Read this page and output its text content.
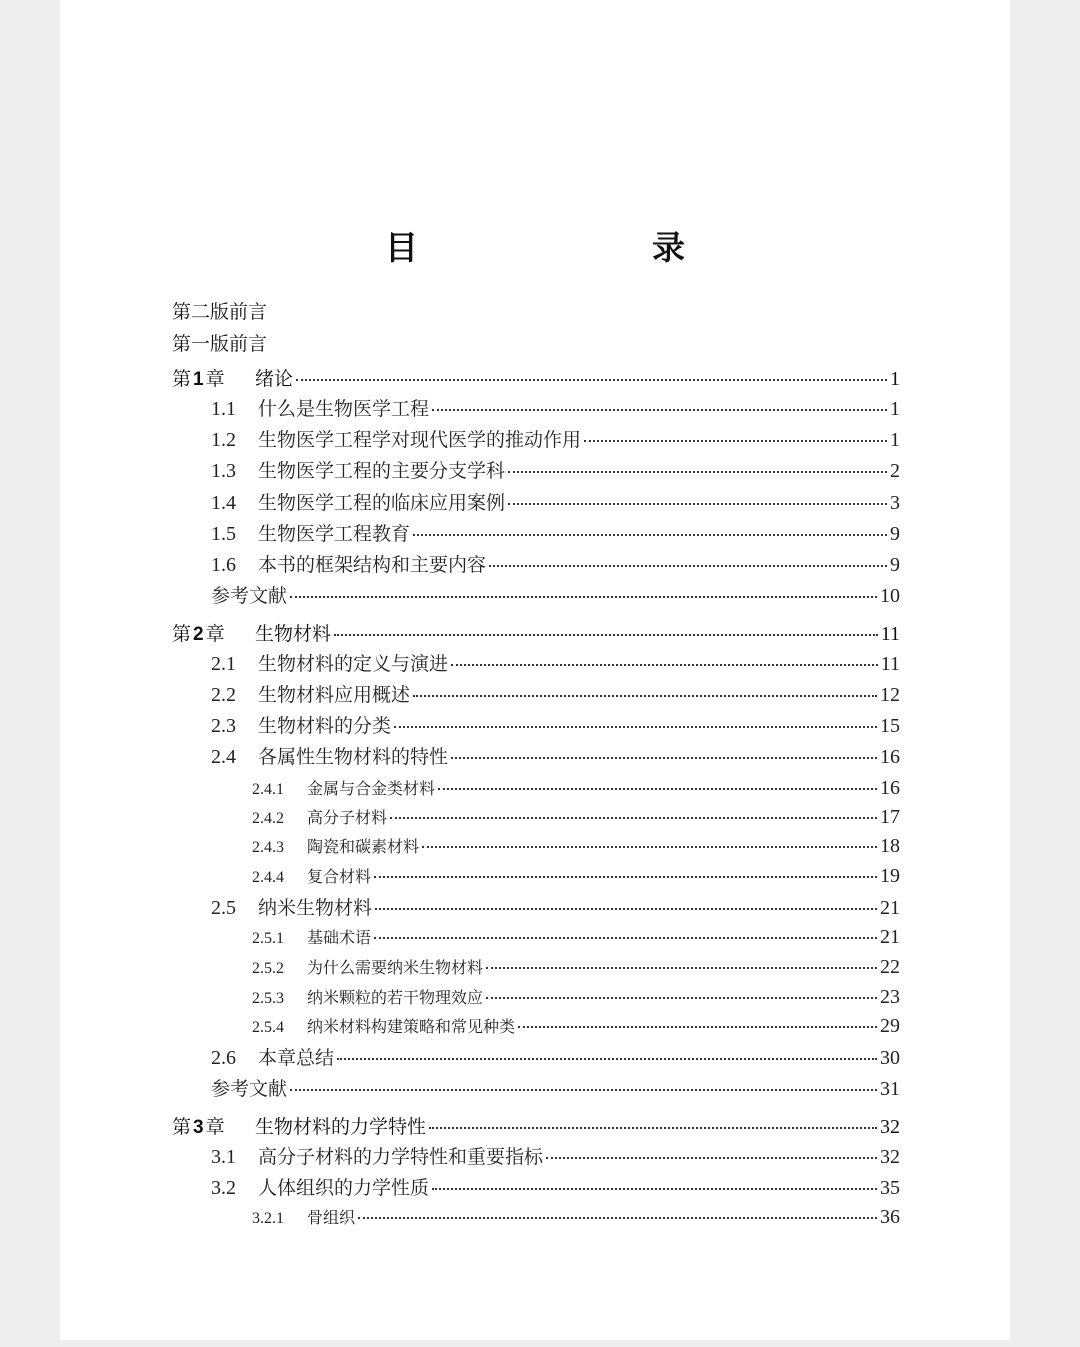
目　　录
第二版前言
第一版前言
第 1 章	绪论	1
1.1	什么是生物医学工程	1
1.2	生物医学工程学对现代医学的推动作用	1
1.3	生物医学工程的主要分支学科	2
1.4	生物医学工程的临床应用案例	3
1.5	生物医学工程教育	9
1.6	本书的框架结构和主要内容	9
参考文献	10
第 2 章	生物材料	11
2.1	生物材料的定义与演进	11
2.2	生物材料应用概述	12
2.3	生物材料的分类	15
2.4	各属性生物材料的特性	16
2.4.1	金属与合金类材料	16
2.4.2	高分子材料	17
2.4.3	陶瓷和碳素材料	18
2.4.4	复合材料	19
2.5	纳米生物材料	21
2.5.1	基础术语	21
2.5.2	为什么需要纳米生物材料	22
2.5.3	纳米颗粒的若干物理效应	23
2.5.4	纳米材料构建策略和常见种类	29
2.6	本章总结	30
参考文献	31
第 3 章	生物材料的力学特性	32
3.1	高分子材料的力学特性和重要指标	32
3.2	人体组织的力学性质	35
3.2.1	骨组织	36
